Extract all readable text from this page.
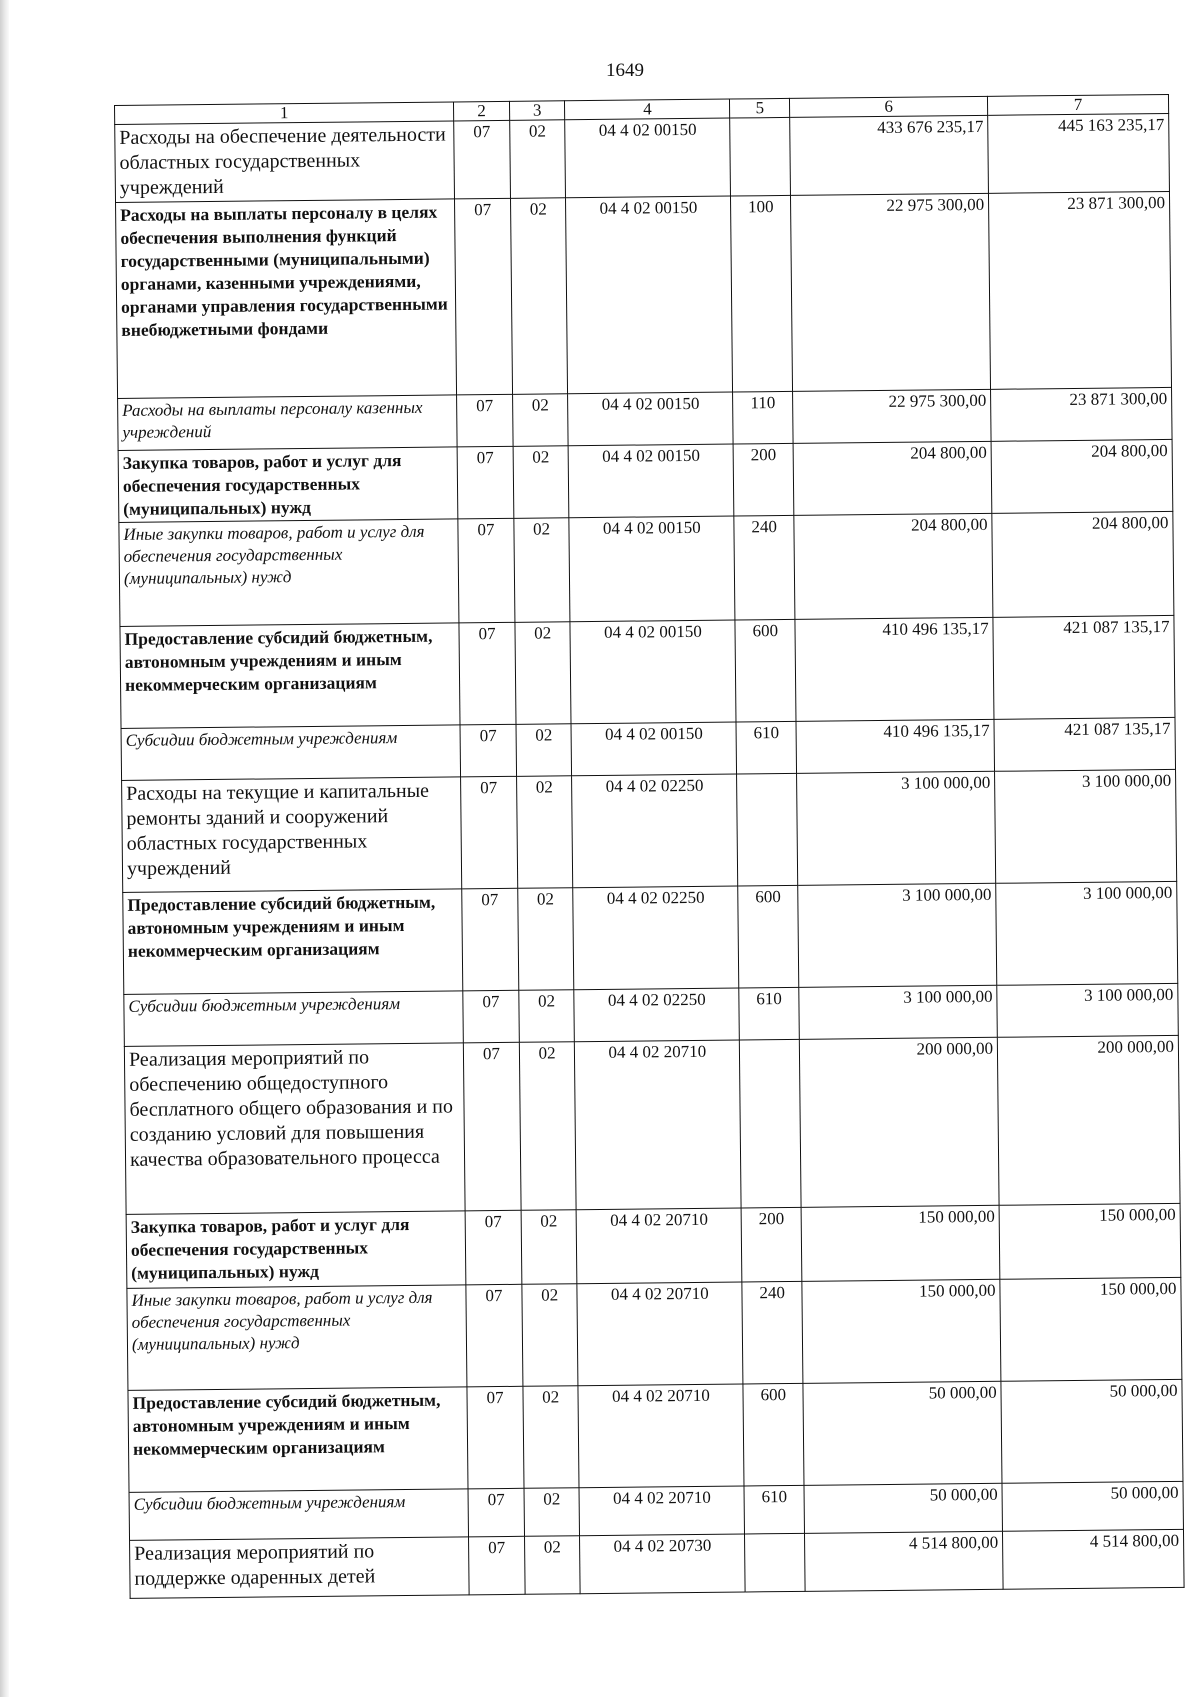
1649
1	2	3	4	5	6	7
Расходы на обеспечение деятельности областных государственных учреждений	07	02	04 4 02 00150		433 676 235,17	445 163 235,17
Расходы на выплаты персоналу в целях обеспечения выполнения функций государственными (муниципальными) органами, казенными учреждениями, органами управления государственными внебюджетными фондами	07	02	04 4 02 00150	100	22 975 300,00	23 871 300,00
Расходы на выплаты персоналу казенных учреждений	07	02	04 4 02 00150	110	22 975 300,00	23 871 300,00
Закупка товаров, работ и услуг для обеспечения государственных (муниципальных) нужд	07	02	04 4 02 00150	200	204 800,00	204 800,00
Иные закупки товаров, работ и услуг для обеспечения государственных (муниципальных) нужд	07	02	04 4 02 00150	240	204 800,00	204 800,00
Предоставление субсидий бюджетным, автономным учреждениям и иным некоммерческим организациям	07	02	04 4 02 00150	600	410 496 135,17	421 087 135,17
Субсидии бюджетным учреждениям	07	02	04 4 02 00150	610	410 496 135,17	421 087 135,17
Расходы на текущие и капитальные ремонты зданий и сооружений областных государственных учреждений	07	02	04 4 02 02250		3 100 000,00	3 100 000,00
Предоставление субсидий бюджетным, автономным учреждениям и иным некоммерческим организациям	07	02	04 4 02 02250	600	3 100 000,00	3 100 000,00
Субсидии бюджетным учреждениям	07	02	04 4 02 02250	610	3 100 000,00	3 100 000,00
Реализация мероприятий по обеспечению общедоступного бесплатного общего образования и по созданию условий для повышения качества образовательного процесса	07	02	04 4 02 20710		200 000,00	200 000,00
Закупка товаров, работ и услуг для обеспечения государственных (муниципальных) нужд	07	02	04 4 02 20710	200	150 000,00	150 000,00
Иные закупки товаров, работ и услуг для обеспечения государственных (муниципальных) нужд	07	02	04 4 02 20710	240	150 000,00	150 000,00
Предоставление субсидий бюджетным, автономным учреждениям и иным некоммерческим организациям	07	02	04 4 02 20710	600	50 000,00	50 000,00
Субсидии бюджетным учреждениям	07	02	04 4 02 20710	610	50 000,00	50 000,00
Реализация мероприятий по поддержке одаренных детей	07	02	04 4 02 20730		4 514 800,00	4 514 800,00
